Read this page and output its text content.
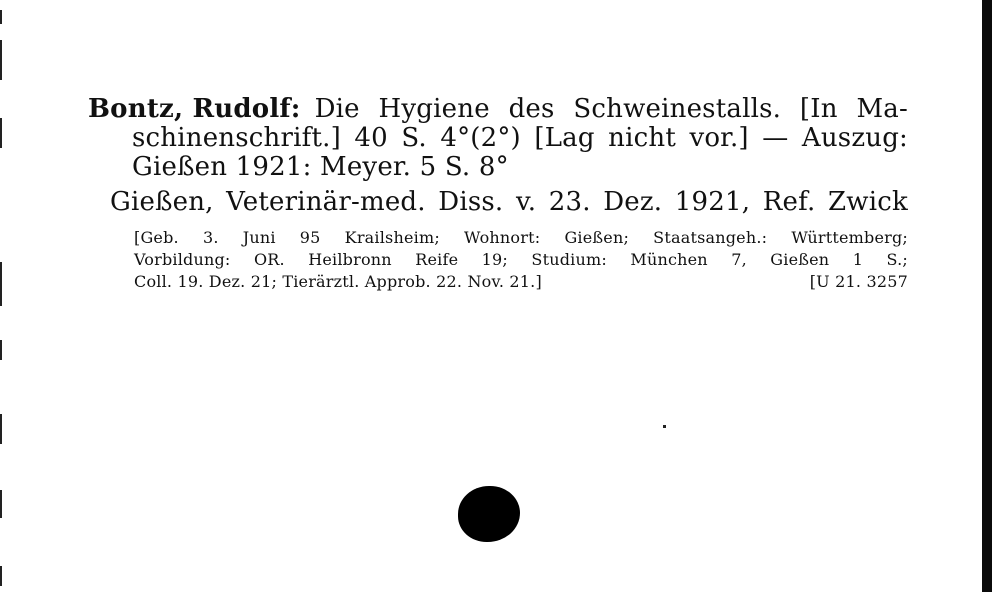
Bontz, Rudolf: Die Hygiene des Schweinestalls. [In Ma-
schinenschrift.] 40 S. 4°(2°) [Lag nicht vor.] — Auszug:
Gießen 1921: Meyer. 5 S. 8°
Gießen, Veterinär-med. Diss. v. 23. Dez. 1921, Ref. Zwick
[Geb. 3. Juni 95 Krailsheim; Wohnort: Gießen; Staatsangeh.: Württemberg;
Vorbildung: OR. Heilbronn Reife 19; Studium: München 7, Gießen 1 S.;
Coll. 19. Dez. 21; Tierärztl. Approb. 22. Nov. 21.]	[U 21. 3257
